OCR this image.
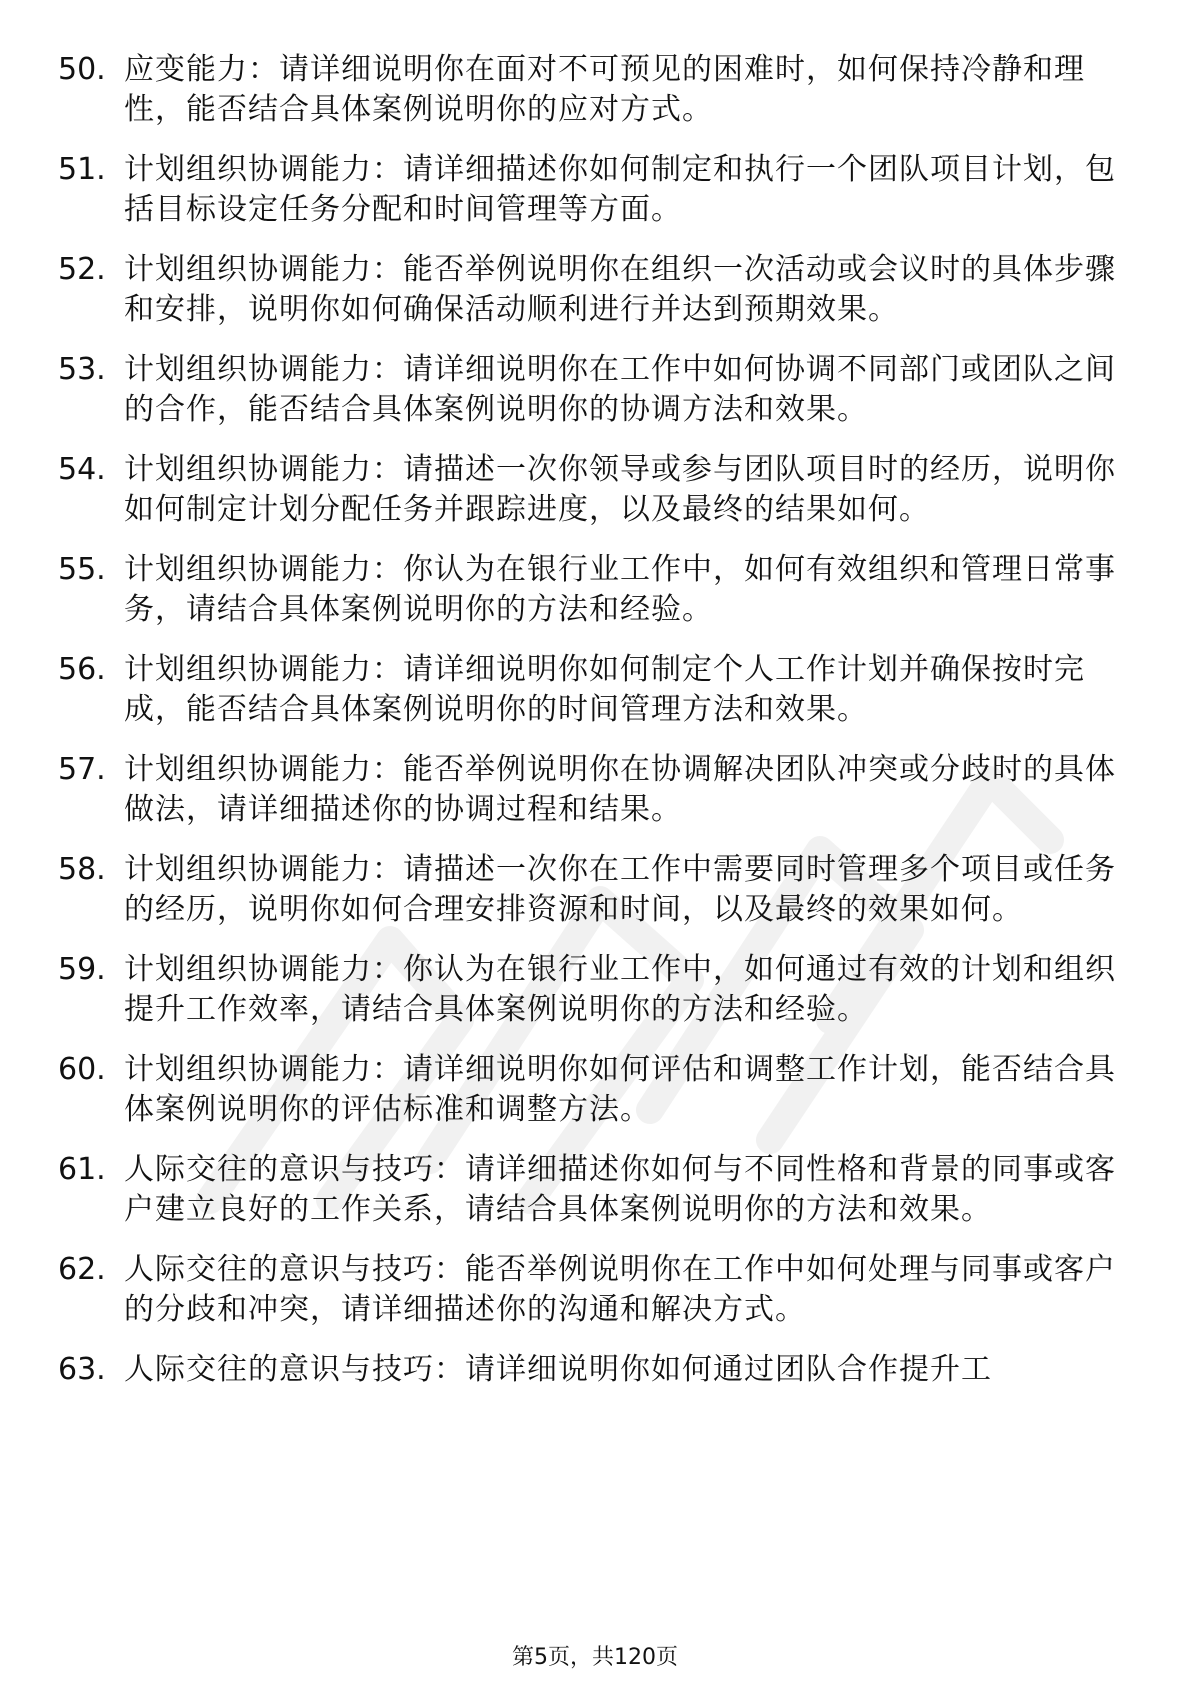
50. 应变能力：请详细说明你在面对不可预见的困难时，如何保持冷静和理性，能否结合具体案例说明你的应对方式。
51. 计划组织协调能力：请详细描述你如何制定和执行一个团队项目计划，包括目标设定任务分配和时间管理等方面。
52. 计划组织协调能力：能否举例说明你在组织一次活动或会议时的具体步骤和安排，说明你如何确保活动顺利进行并达到预期效果。
53. 计划组织协调能力：请详细说明你在工作中如何协调不同部门或团队之间的合作，能否结合具体案例说明你的协调方法和效果。
54. 计划组织协调能力：请描述一次你领导或参与团队项目时的经历，说明你如何制定计划分配任务并跟踪进度，以及最终的结果如何。
55. 计划组织协调能力：你认为在银行业工作中，如何有效组织和管理日常事务，请结合具体案例说明你的方法和经验。
56. 计划组织协调能力：请详细说明你如何制定个人工作计划并确保按时完成，能否结合具体案例说明你的时间管理方法和效果。
57. 计划组织协调能力：能否举例说明你在协调解决团队冲突或分歧时的具体做法，请详细描述你的协调过程和结果。
58. 计划组织协调能力：请描述一次你在工作中需要同时管理多个项目或任务的经历，说明你如何合理安排资源和时间，以及最终的效果如何。
59. 计划组织协调能力：你认为在银行业工作中，如何通过有效的计划和组织提升工作效率，请结合具体案例说明你的方法和经验。
60. 计划组织协调能力：请详细说明你如何评估和调整工作计划，能否结合具体案例说明你的评估标准和调整方法。
61. 人际交往的意识与技巧：请详细描述你如何与不同性格和背景的同事或客户建立良好的工作关系，请结合具体案例说明你的方法和效果。
62. 人际交往的意识与技巧：能否举例说明你在工作中如何处理与同事或客户的分歧和冲突，请详细描述你的沟通和解决方式。
63. 人际交往的意识与技巧：请详细说明你如何通过团队合作提升工
第5页，共120页
